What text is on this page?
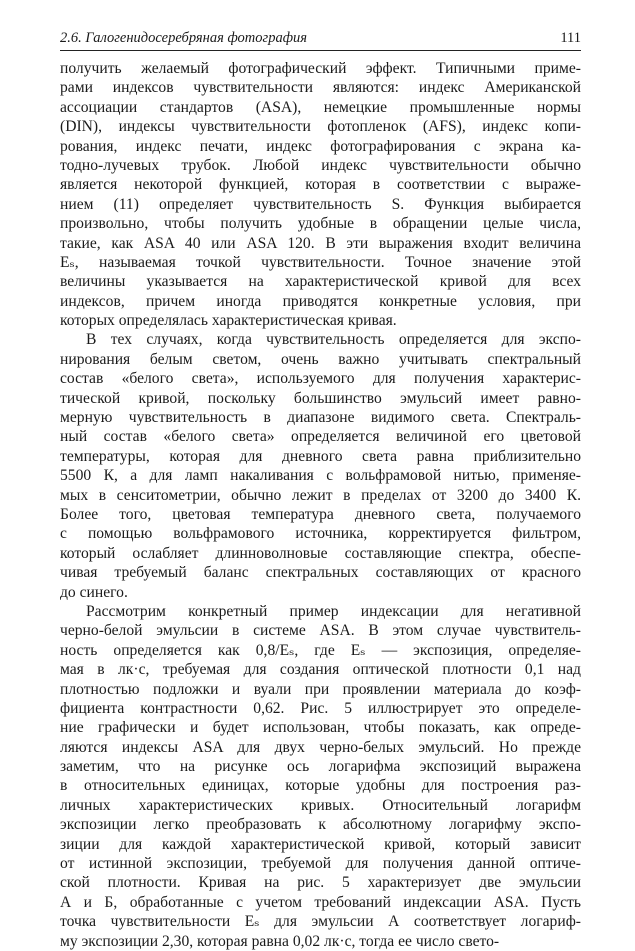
2.6. Галогенидосеребряная фотография	111
получить желаемый фотографический эффект. Типичными приме-
рами индексов чувствительности являются: индекс Американской
ассоциации стандартов (ASA), немецкие промышленные нормы
(DIN), индексы чувствительности фотопленок (AFS), индекс копи-
рования, индекс печати, индекс фотографирования с экрана ка-
тодно-лучевых трубок. Любой индекс чувствительности обычно
является некоторой функцией, которая в соответствии с выраже-
нием (11) определяет чувствительность S. Функция выбирается
произвольно, чтобы получить удобные в обращении целые числа,
такие, как ASA 40 или ASA 120. В эти выражения входит величина
Eₛ, называемая точкой чувствительности. Точное значение этой
величины указывается на характеристической кривой для всех
индексов, причем иногда приводятся конкретные условия, при
которых определялась характеристическая кривая.
В тех случаях, когда чувствительность определяется для экспо-
нирования белым светом, очень важно учитывать спектральный
состав «белого света», используемого для получения характерис-
тической кривой, поскольку большинство эмульсий имеет равно-
мерную чувствительность в диапазоне видимого света. Спектраль-
ный состав «белого света» определяется величиной его цветовой
температуры, которая для дневного света равна приблизительно
5500 К, а для ламп накаливания с вольфрамовой нитью, применяе-
мых в сенситометрии, обычно лежит в пределах от 3200 до 3400 К.
Более того, цветовая температура дневного света, получаемого
с помощью вольфрамового источника, корректируется фильтром,
который ослабляет длинноволновые составляющие спектра, обеспе-
чивая требуемый баланс спектральных составляющих от красного
до синего.
Рассмотрим конкретный пример индексации для негативной
черно-белой эмульсии в системе ASA. В этом случае чувствитель-
ность определяется как 0,8/Eₛ, где Eₛ — экспозиция, определяе-
мая в лк·с, требуемая для создания оптической плотности 0,1 над
плотностью подложки и вуали при проявлении материала до коэф-
фициента контрастности 0,62. Рис. 5 иллюстрирует это определе-
ние графически и будет использован, чтобы показать, как опреде-
ляются индексы ASA для двух черно-белых эмульсий. Но прежде
заметим, что на рисунке ось логарифма экспозиций выражена
в относительных единицах, которые удобны для построения раз-
личных характеристических кривых. Относительный логарифм
экспозиции легко преобразовать к абсолютному логарифму экспо-
зиции для каждой характеристической кривой, который зависит
от истинной экспозиции, требуемой для получения данной оптиче-
ской плотности. Кривая на рис. 5 характеризует две эмульсии
А и Б, обработанные с учетом требований индексации ASA. Пусть
точка чувствительности Eₛ для эмульсии А соответствует логариф-
му экспозиции 2,30, которая равна 0,02 лк·с, тогда ее число свето-
